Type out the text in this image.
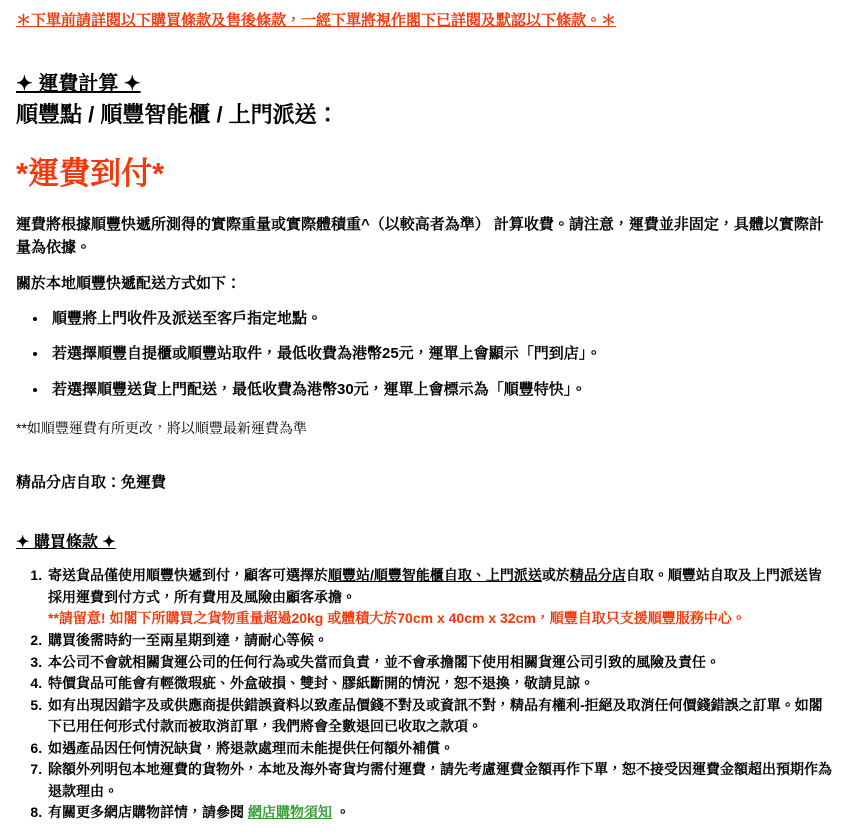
＊下單前請詳閱以下購買條款及售後條款，一經下單將視作閣下已詳閱及默認以下條款。＊

✦ 運費計算 ✦
順豐點 / 順豐智能櫃 / 上門派送：
*運費到付*

運費將根據順豐快遞所測得的實際重量或實際體積重^（以較高者為準） 計算收費。請注意，運費並非固定，具體以實際計量為依據。

關於本地順豐快遞配送方式如下：

• 順豐將上門收件及派送至客戶指定地點。
• 若選擇順豐自提櫃或順豐站取件，最低收費為港幣25元，運單上會顯示「門到店」。
• 若選擇順豐送貨上門配送，最低收費為港幣30元，運單上會標示為「順豐特快」。

**如順豐運費有所更改，將以順豐最新運費為準

精品分店自取：免運費

✦ 購買條款 ✦
1. 寄送貨品僅使用順豐快遞到付，顧客可選擇於順豐站/順豐智能櫃自取、上門派送或於精品分店自取。順豐站自取及上門派送皆採用運費到付方式，所有費用及風險由顧客承擔。
**請留意! 如閣下所購買之貨物重量超過20kg 或體積大於70cm x 40cm x 32cm，順豐自取只支援順豐服務中心。
2. 購買後需時約一至兩星期到達，請耐心等候。
3. 本公司不會就相關貨運公司的任何行為或失當而負責，並不會承擔閣下使用相關貨運公司引致的風險及責任。
4. 特價貨品可能會有輕微瑕疵、外盒破損、雙封、膠紙斷開的情況，恕不退換，敬請見諒。
5. 如有出現因錯字及或供應商提供錯誤資料以致產品價錢不對及或資訊不對，精品有權利-拒絕及取消任何價錢錯誤之訂單。如閣下已用任何形式付款而被取消訂單，我們將會全數退回已收取之款項。
6. 如遇產品因任何情況缺貨，將退款處理而未能提供任何額外補償。
7. 除額外列明包本地運費的貨物外，本地及海外寄貨均需付運費，請先考慮運費金額再作下單，恕不接受因運費金額超出預期作為退款理由。
8. 有關更多網店購物詳情，請參閱 網店購物須知 。
